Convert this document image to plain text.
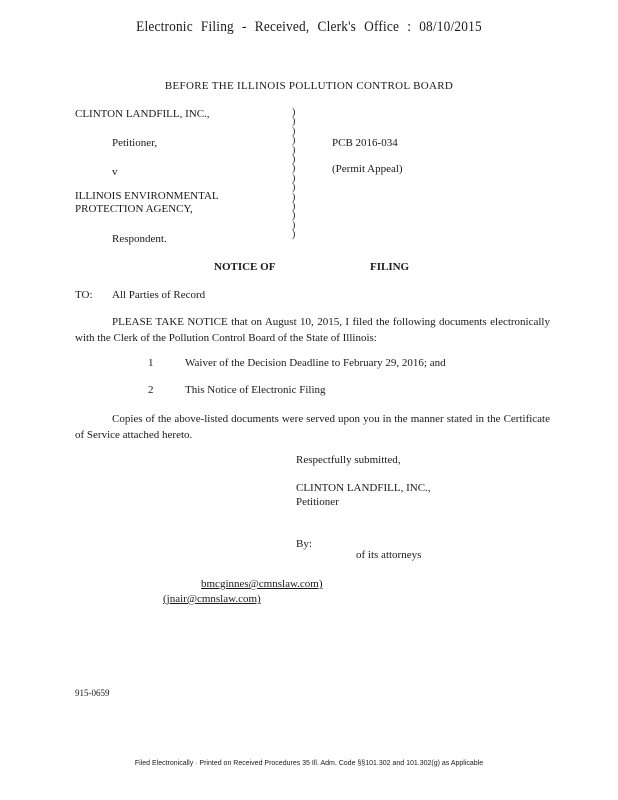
Electronic Filing - Received, Clerk's Office : 08/10/2015
BEFORE THE ILLINOIS POLLUTION CONTROL BOARD
CLINTON LANDFILL, INC.,
Petitioner,
v
ILLINOIS ENVIRONMENTAL
PROTECTION AGENCY,
Respondent.
)
)
)
)
)
)
)
)
)
)
)
)
)
)
PCB 2016-034
(Permit Appeal)
NOTICE OF	FILING
TO: All Parties of Record
PLEASE TAKE NOTICE that on August 10, 2015, I filed the following documents electronically with the Clerk of the Pollution Control Board of the State of Illinois:
1	Waiver of the Decision Deadline to February 29, 2016; and
2	This Notice of Electronic Filing
Copies of the above-listed documents were served upon you in the manner stated in the Certificate of Service attached hereto.
Respectfully submitted,
CLINTON LANDFILL, INC.,
Petitioner
By:
of its attorneys
bmcginnes@cmnslaw.com)
(jnair@cmnslaw.com)
915-0659
Filed Electronically · Printed on Received Procedures 35 Ill. Adm. Code §§101.302 and 101.302(g) as Applicable
